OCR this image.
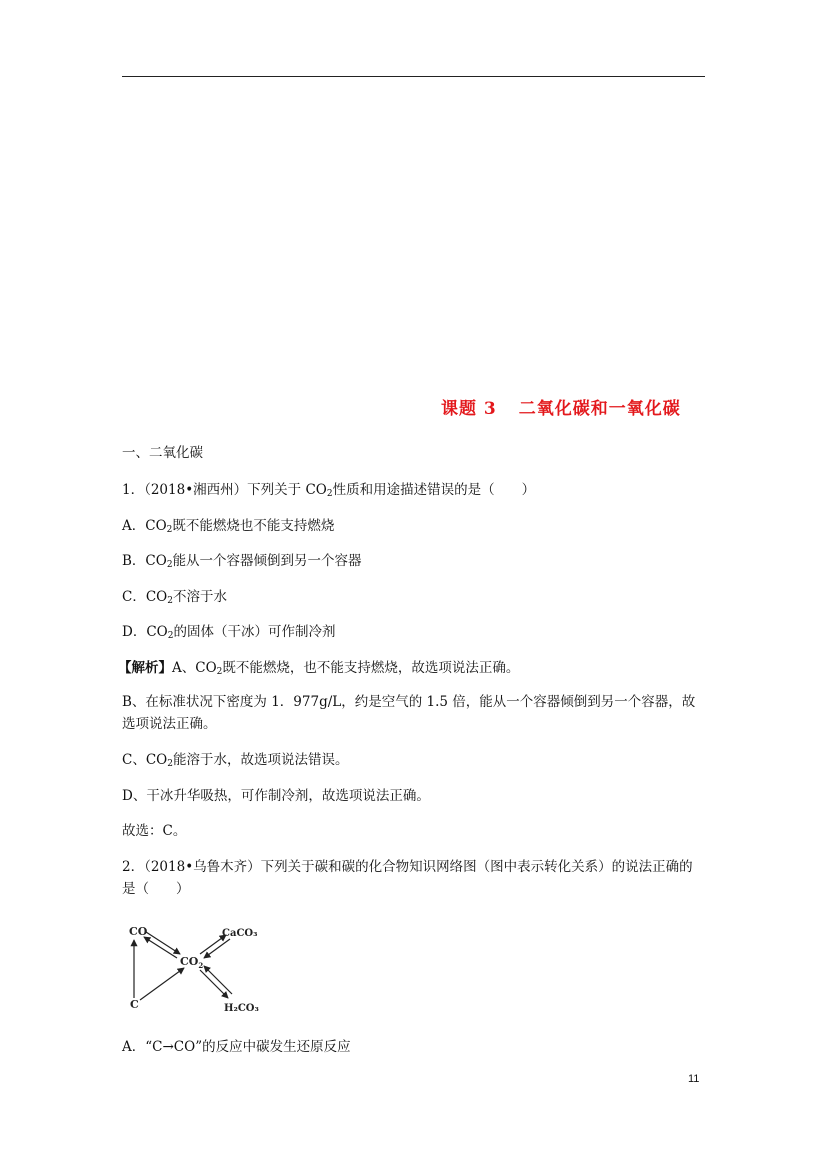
课题 3 二氧化碳和一氧化碳
一、二氧化碳
1．（2018•湘西州）下列关于 $CO_2$性质和用途描述错误的是（　　）
A．$CO_2$既不能燃烧也不能支持燃烧
B．$CO_2$能从一个容器倾倒到另一个容器
C．$CO_2$不溶于水
D．$CO_2$的固体（干冰）可作制冷剂
【解析】A、$CO_2$既不能燃烧，也不能支持燃烧，故选项说法正确。
B、在标准状况下密度为 1．977g/L，约是空气的 1.5 倍，能从一个容器倾倒到另一个容器，故选项说法正确。
C、$CO_2$能溶于水，故选项说法错误。
D、干冰升华吸热，可作制冷剂，故选项说法正确。
故选：C。
2．（2018•乌鲁木齐）下列关于碳和碳的化合物知识网络图（图中表示转化关系）的说法正确的是（　　）
CO
$CO_2$
CaCO₃
C	H₂CO₃
A．“C→CO”的反应中碳发生还原反应
11
